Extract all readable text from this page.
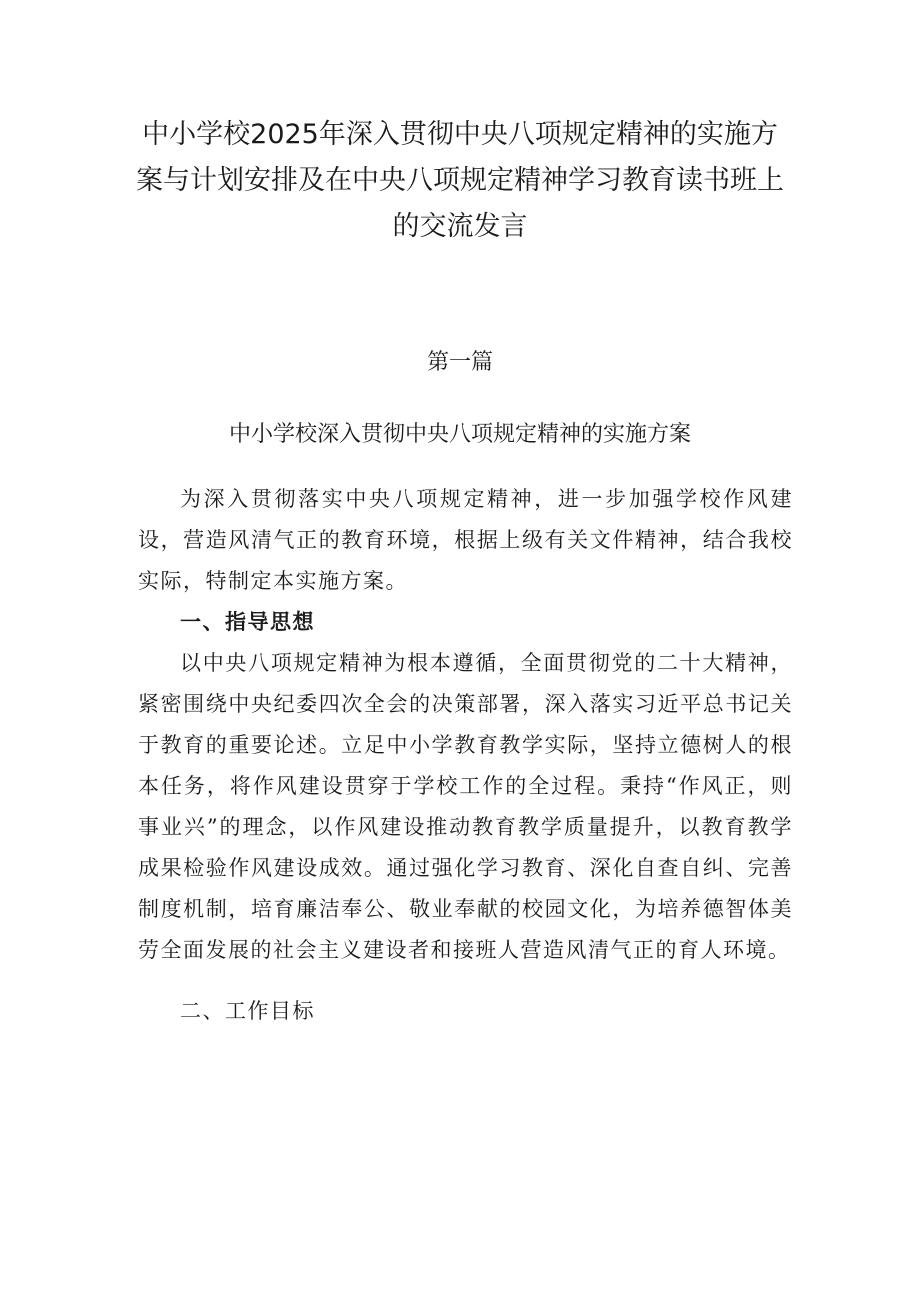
中小学校2025年深入贯彻中央八项规定精神的实施方案与计划安排及在中央八项规定精神学习教育读书班上的交流发言
第一篇
中小学校深入贯彻中央八项规定精神的实施方案

为深入贯彻落实中央八项规定精神，进一步加强学校作风建设，营造风清气正的教育环境，根据上级有关文件精神，结合我校实际，特制定本实施方案。

一、指导思想

以中央八项规定精神为根本遵循，全面贯彻党的二十大精神，紧密围绕中央纪委四次全会的决策部署，深入落实习近平总书记关于教育的重要论述。立足中小学教育教学实际，坚持立德树人的根本任务，将作风建设贯穿于学校工作的全过程。秉持“作风正，则事业兴”的理念，以作风建设推动教育教学质量提升，以教育教学成果检验作风建设成效。通过强化学习教育、深化自查自纠、完善制度机制，培育廉洁奉公、敬业奉献的校园文化，为培养德智体美劳全面发展的社会主义建设者和接班人营造风清气正的育人环境。

二、工作目标
